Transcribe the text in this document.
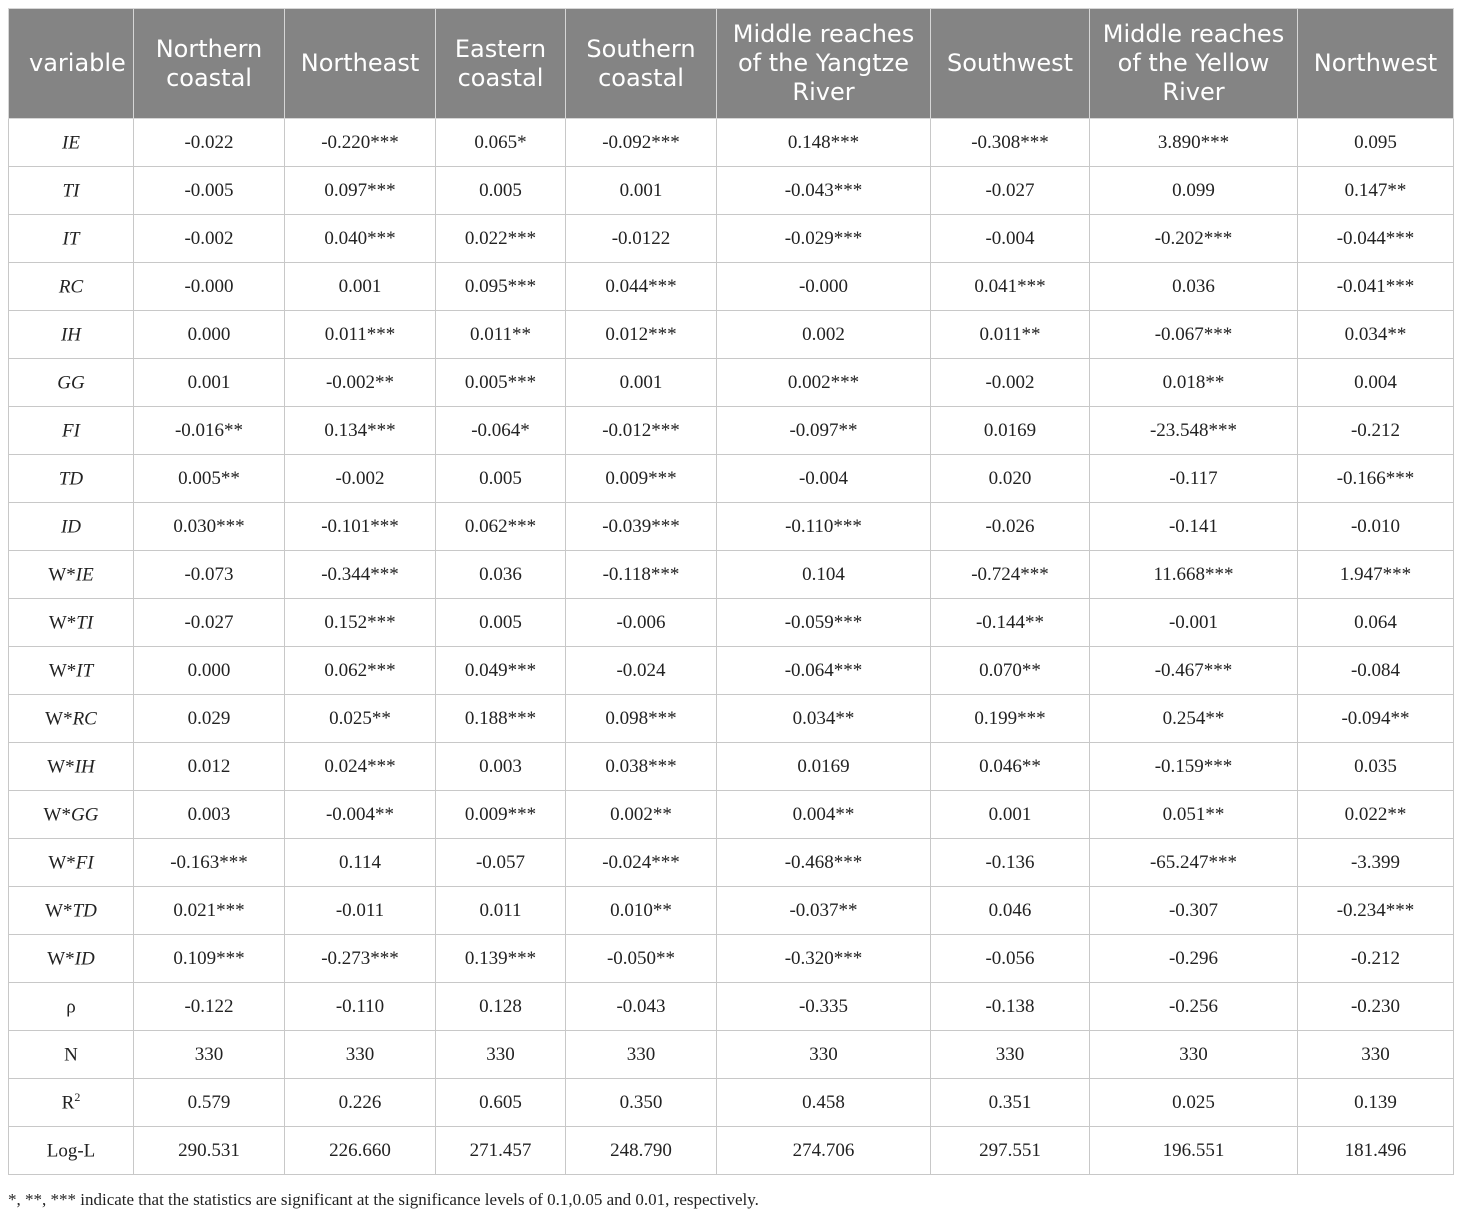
variable	Northern coastal	Northeast	Eastern coastal	Southern coastal	Middle reaches of the Yangtze River	Southwest	Middle reaches of the Yellow River	Northwest
IE	-0.022	-0.220***	0.065*	-0.092***	0.148***	-0.308***	3.890***	0.095
TI	-0.005	0.097***	0.005	0.001	-0.043***	-0.027	0.099	0.147**
IT	-0.002	0.040***	0.022***	-0.0122	-0.029***	-0.004	-0.202***	-0.044***
RC	-0.000	0.001	0.095***	0.044***	-0.000	0.041***	0.036	-0.041***
IH	0.000	0.011***	0.011**	0.012***	0.002	0.011**	-0.067***	0.034**
GG	0.001	-0.002**	0.005***	0.001	0.002***	-0.002	0.018**	0.004
FI	-0.016**	0.134***	-0.064*	-0.012***	-0.097**	0.0169	-23.548***	-0.212
TD	0.005**	-0.002	0.005	0.009***	-0.004	0.020	-0.117	-0.166***
ID	0.030***	-0.101***	0.062***	-0.039***	-0.110***	-0.026	-0.141	-0.010
W*IE	-0.073	-0.344***	0.036	-0.118***	0.104	-0.724***	11.668***	1.947***
W*TI	-0.027	0.152***	0.005	-0.006	-0.059***	-0.144**	-0.001	0.064
W*IT	0.000	0.062***	0.049***	-0.024	-0.064***	0.070**	-0.467***	-0.084
W*RC	0.029	0.025**	0.188***	0.098***	0.034**	0.199***	0.254**	-0.094**
W*IH	0.012	0.024***	0.003	0.038***	0.0169	0.046**	-0.159***	0.035
W*GG	0.003	-0.004**	0.009***	0.002**	0.004**	0.001	0.051**	0.022**
W*FI	-0.163***	0.114	-0.057	-0.024***	-0.468***	-0.136	-65.247***	-3.399
W*TD	0.021***	-0.011	0.011	0.010**	-0.037**	0.046	-0.307	-0.234***
W*ID	0.109***	-0.273***	0.139***	-0.050**	-0.320***	-0.056	-0.296	-0.212
ρ	-0.122	-0.110	0.128	-0.043	-0.335	-0.138	-0.256	-0.230
N	330	330	330	330	330	330	330	330
$R^2$	0.579	0.226	0.605	0.350	0.458	0.351	0.025	0.139
Log-L	290.531	226.660	271.457	248.790	274.706	297.551	196.551	181.496
*, **, *** indicate that the statistics are significant at the significance levels of 0.1,0.05 and 0.01, respectively.
